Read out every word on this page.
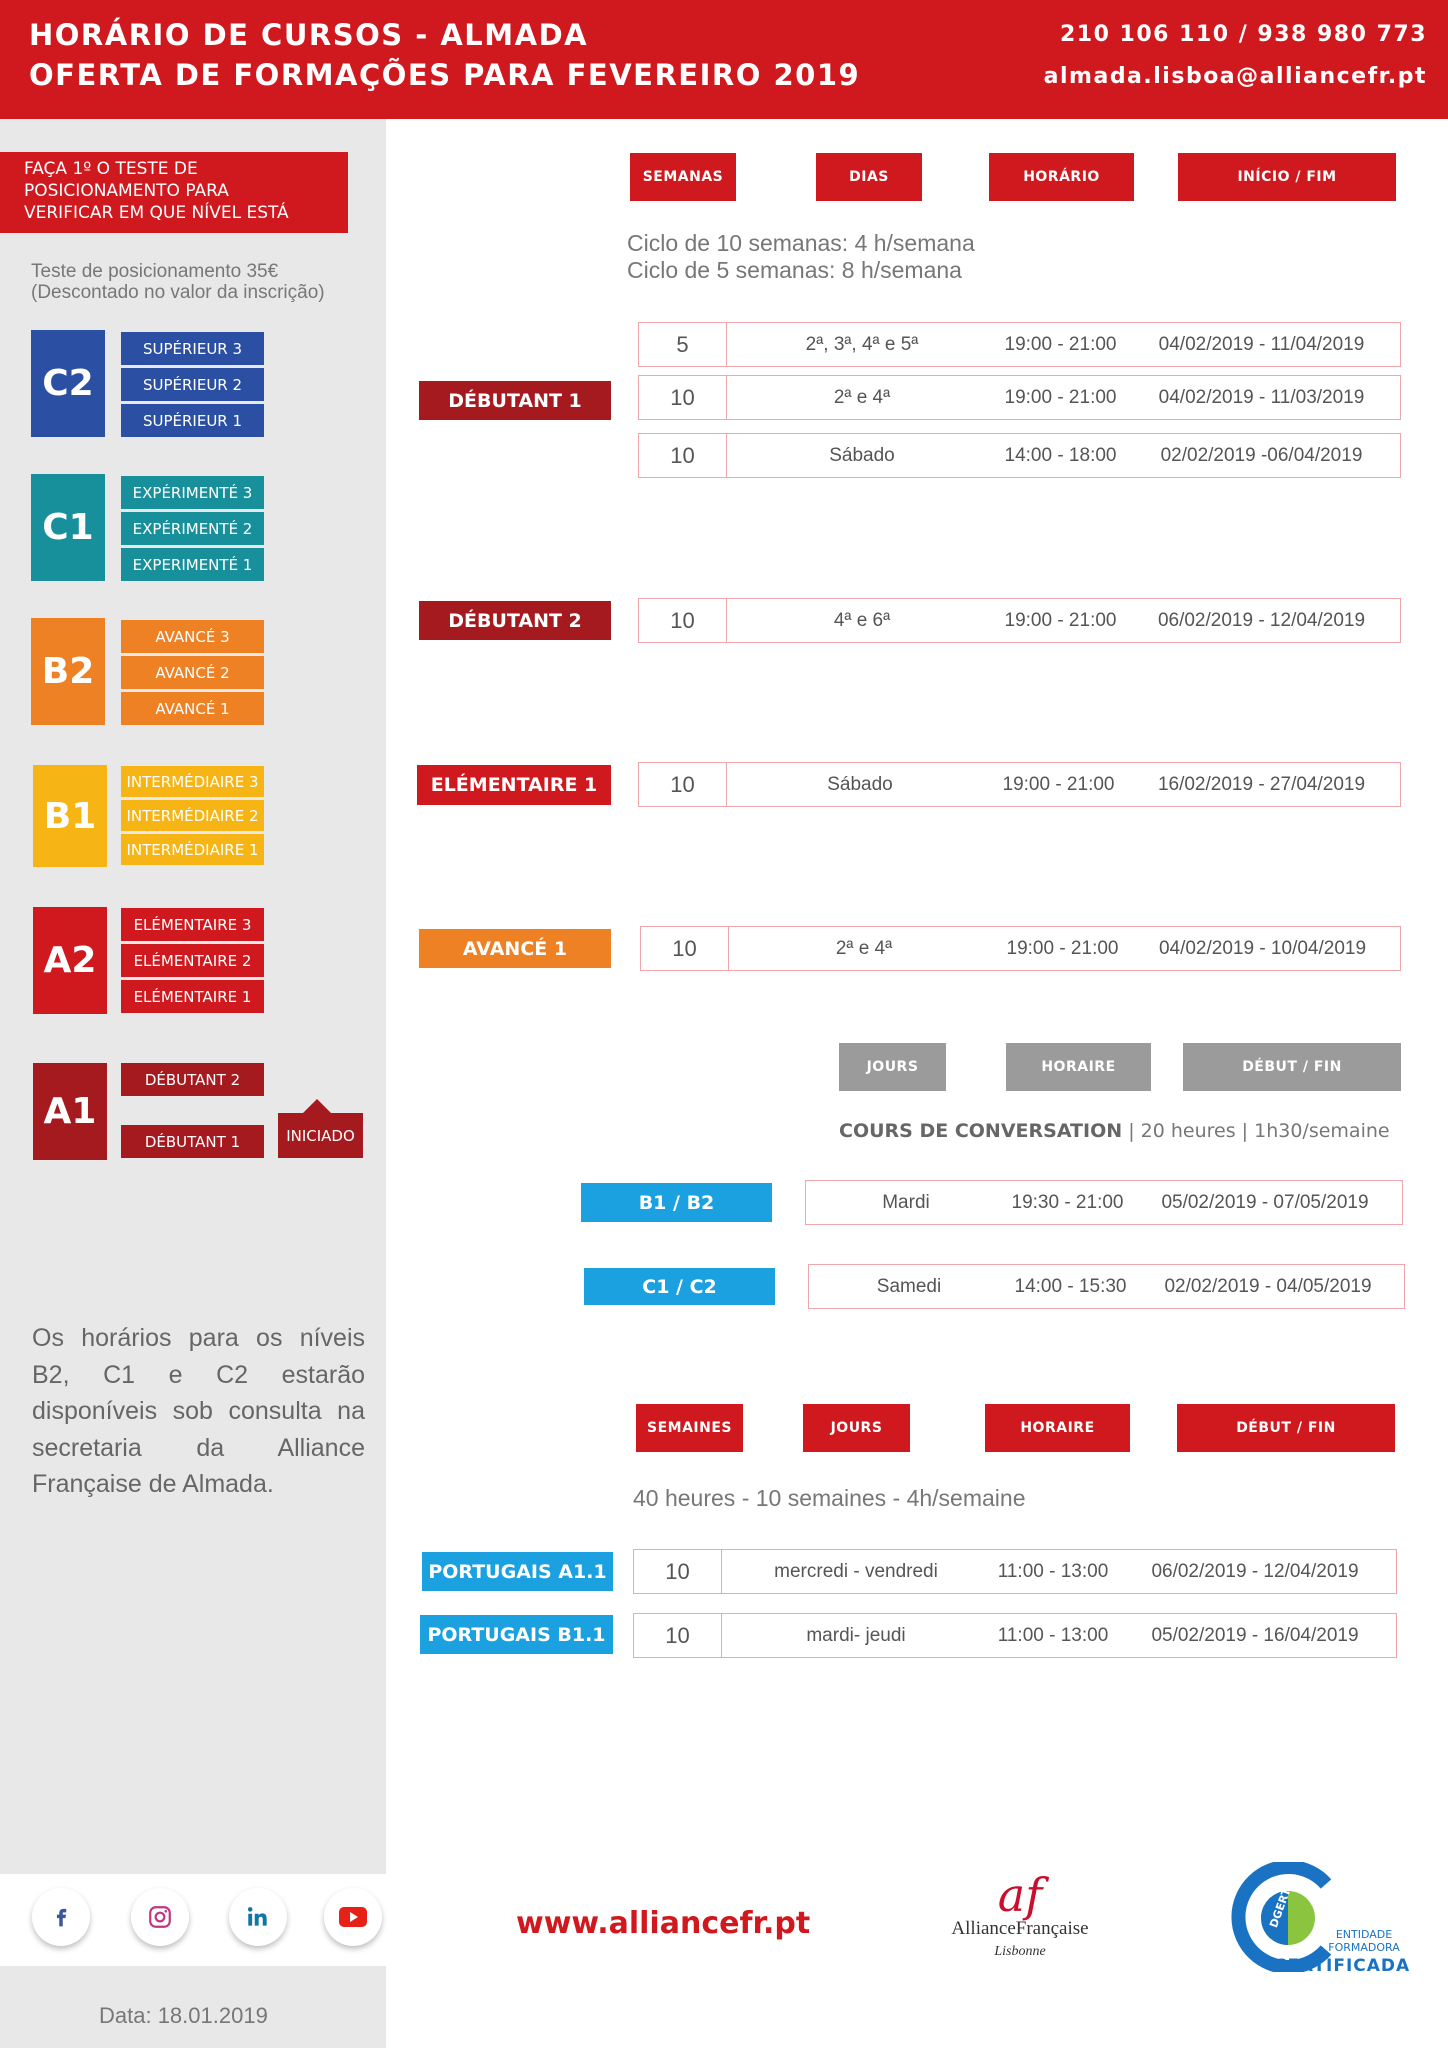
HORÁRIO DE CURSOS - ALMADA
OFERTA DE FORMAÇÕES PARA FEVEREIRO 2019
210 106 110 / 938 980 773
almada.lisboa@alliancefr.pt
FAÇA 1º O TESTE DE
POSICIONAMENTO PARA
VERIFICAR EM QUE NÍVEL ESTÁ
Teste de posicionamento 35€
(Descontado no valor da inscrição)
C2
SUPÉRIEUR 3
SUPÉRIEUR 2
SUPÉRIEUR 1
C1
EXPÉRIMENTÉ 3
EXPÉRIMENTÉ 2
EXPERIMENTÉ 1
B2
AVANCÉ 3
AVANCÉ 2
AVANCÉ 1
B1
INTERMÉDIAIRE 3
INTERMÉDIAIRE 2
INTERMÉDIAIRE 1
A2
ELÉMENTAIRE 3
ELÉMENTAIRE 2
ELÉMENTAIRE 1
A1
DÉBUTANT 2
DÉBUTANT 1	INICIADO
Os horários para os níveis B2, C1 e C2 estarão disponíveis sob consulta na secretaria da Alliance Française de Almada.
SEMANAS	DIAS	HORÁRIO	INÍCIO / FIM
Ciclo de 10 semanas: 4 h/semana
Ciclo de 5 semanas: 8 h/semana
DÉBUTANT 1
5	2ª, 3ª, 4ª e 5ª	19:00 - 21:00	04/02/2019 - 11/04/2019
10	2ª e 4ª	19:00 - 21:00	04/02/2019 - 11/03/2019
10	Sábado	14:00 - 18:00	02/02/2019 -06/04/2019
DÉBUTANT 2	10	4ª e 6ª	19:00 - 21:00	06/02/2019 - 12/04/2019
ELÉMENTAIRE 1	10	Sábado	19:00 - 21:00	16/02/2019 - 27/04/2019
AVANCÉ 1	10	2ª e 4ª	19:00 - 21:00	04/02/2019 - 10/04/2019
JOURS	HORAIRE	DÉBUT / FIN
COURS DE CONVERSATION | 20 heures | 1h30/semaine
B1 / B2	Mardi	19:30 - 21:00	05/02/2019 - 07/05/2019
C1 / C2	Samedi	14:00 - 15:30	02/02/2019 - 04/05/2019
SEMAINES	JOURS	HORAIRE	DÉBUT / FIN
40 heures - 10 semaines - 4h/semaine
PORTUGAIS A1.1	10	mercredi - vendredi	11:00 - 13:00	06/02/2019 - 12/04/2019
PORTUGAIS B1.1	10	mardi- jeudi	11:00 - 13:00	05/02/2019 - 16/04/2019
www.alliancefr.pt
af
AllianceFrançaise
Lisbonne
DGERT
ENTIDADE
FORMADORA
CERTIFICADA
Data: 18.01.2019
